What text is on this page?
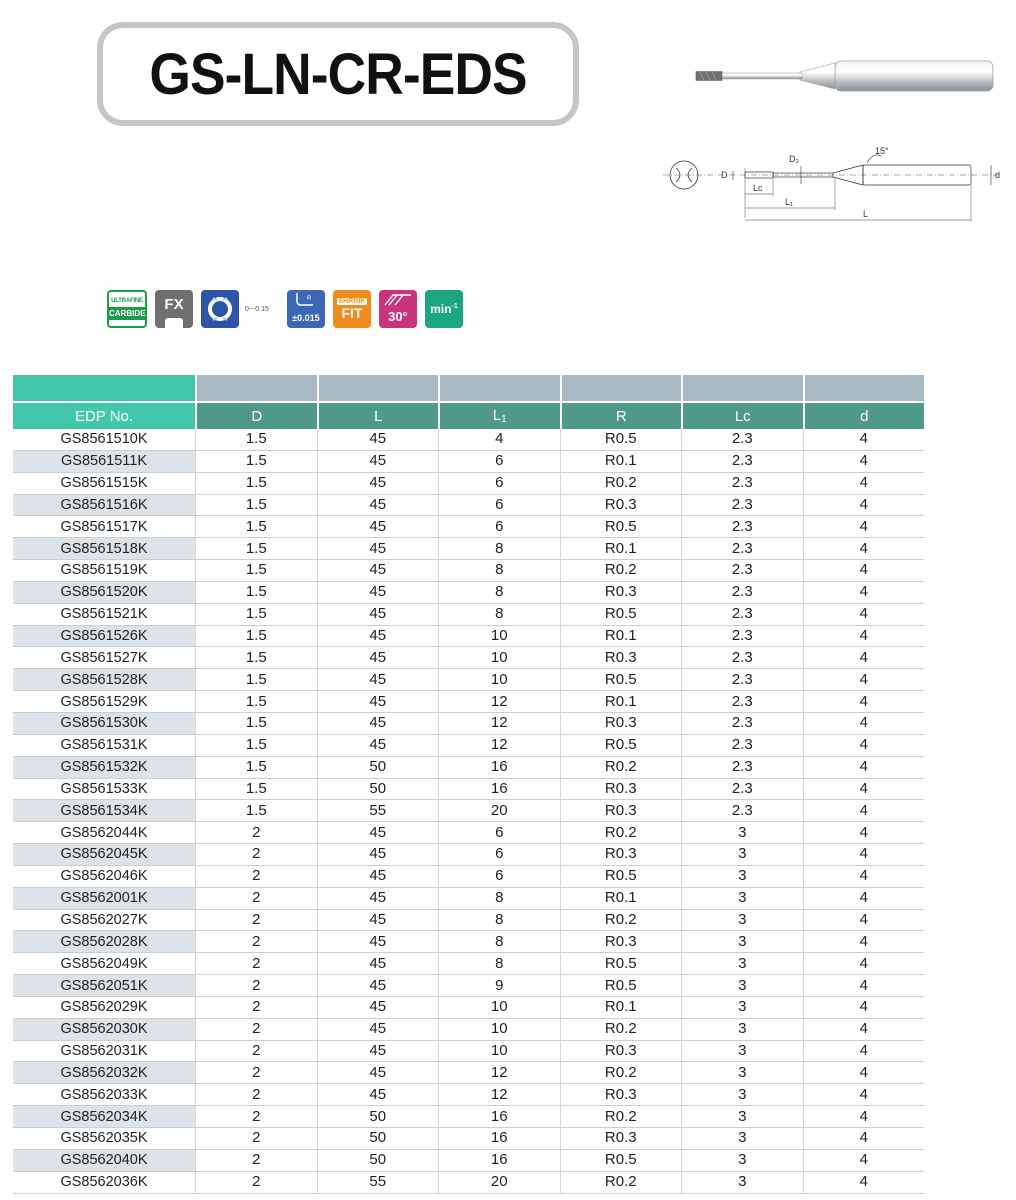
GS-LN-CR-EDS
15°
D
D₂
Lc
L₁
L
d
ULTRAFINE
CARBIDE
FX	0~-0.15
R
±0.015
SHRINK
FIT 30° $\min^{-1}$

EDP No.	D	L	$L_1$	R	Lc	d
GS8561510K	1.5	45	4	R0.5	2.3	4
GS8561511K	1.5	45	6	R0.1	2.3	4
GS8561515K	1.5	45	6	R0.2	2.3	4
GS8561516K	1.5	45	6	R0.3	2.3	4
GS8561517K	1.5	45	6	R0.5	2.3	4
GS8561518K	1.5	45	8	R0.1	2.3	4
GS8561519K	1.5	45	8	R0.2	2.3	4
GS8561520K	1.5	45	8	R0.3	2.3	4
GS8561521K	1.5	45	8	R0.5	2.3	4
GS8561526K	1.5	45	10	R0.1	2.3	4
GS8561527K	1.5	45	10	R0.3	2.3	4
GS8561528K	1.5	45	10	R0.5	2.3	4
GS8561529K	1.5	45	12	R0.1	2.3	4
GS8561530K	1.5	45	12	R0.3	2.3	4
GS8561531K	1.5	45	12	R0.5	2.3	4
GS8561532K	1.5	50	16	R0.2	2.3	4
GS8561533K	1.5	50	16	R0.3	2.3	4
GS8561534K	1.5	55	20	R0.3	2.3	4
GS8562044K	2	45	6	R0.2	3	4
GS8562045K	2	45	6	R0.3	3	4
GS8562046K	2	45	6	R0.5	3	4
GS8562001K	2	45	8	R0.1	3	4
GS8562027K	2	45	8	R0.2	3	4
GS8562028K	2	45	8	R0.3	3	4
GS8562049K	2	45	8	R0.5	3	4
GS8562051K	2	45	9	R0.5	3	4
GS8562029K	2	45	10	R0.1	3	4
GS8562030K	2	45	10	R0.2	3	4
GS8562031K	2	45	10	R0.3	3	4
GS8562032K	2	45	12	R0.2	3	4
GS8562033K	2	45	12	R0.3	3	4
GS8562034K	2	50	16	R0.2	3	4
GS8562035K	2	50	16	R0.3	3	4
GS8562040K	2	50	16	R0.5	3	4
GS8562036K	2	55	20	R0.2	3	4
